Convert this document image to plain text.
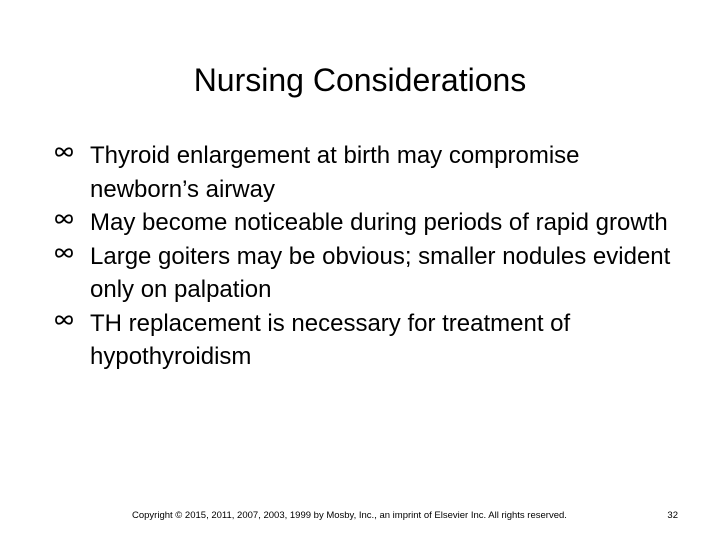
Nursing Considerations
Thyroid enlargement at birth may compromise newborn’s airway
May become noticeable during periods of rapid growth
Large goiters may be obvious; smaller nodules evident only on palpation
TH replacement is necessary for treatment of hypothyroidism
Copyright © 2015, 2011, 2007, 2003, 1999 by Mosby, Inc., an imprint of Elsevier Inc. All rights reserved.	32
